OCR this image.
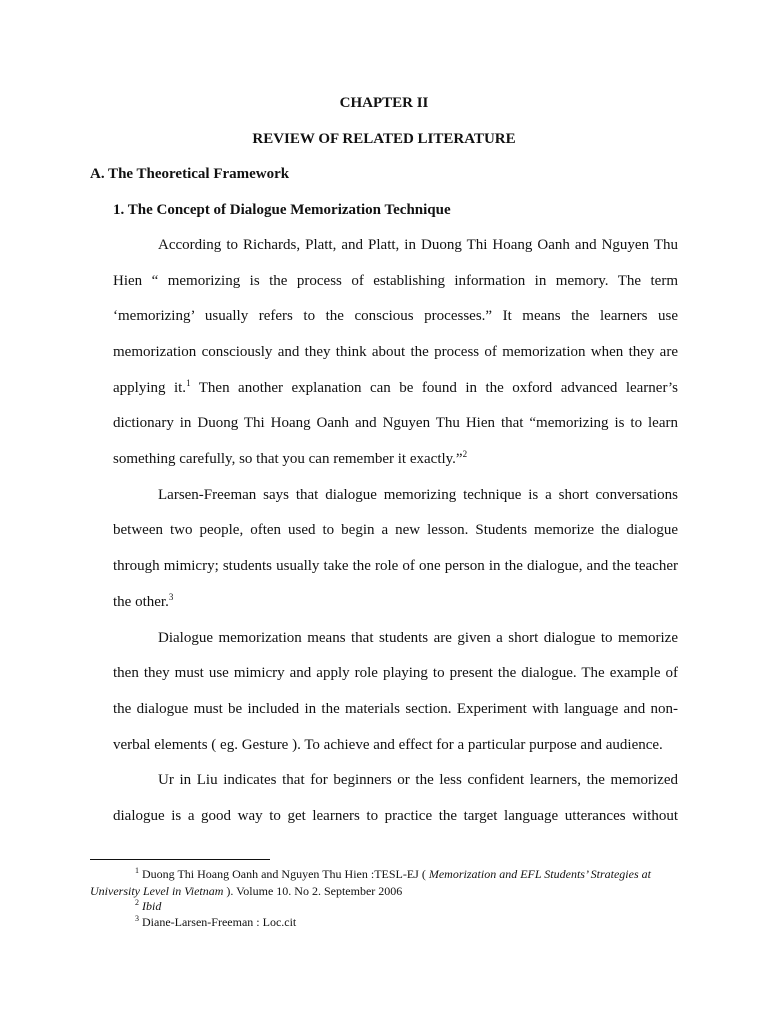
CHAPTER II
REVIEW OF RELATED LITERATURE
A. The Theoretical Framework
1. The Concept of Dialogue Memorization Technique
According to Richards, Platt, and Platt, in Duong Thi Hoang Oanh and Nguyen Thu
Hien “ memorizing is the process of establishing information in memory. The term
‘memorizing’ usually refers to the conscious processes.” It means the learners use
memorization consciously and they think about the process of memorization when they are
applying it.$^1$ Then another explanation can be found in the oxford advanced learner’s
dictionary in Duong Thi Hoang Oanh and Nguyen Thu Hien that “memorizing is to learn
something carefully, so that you can remember it exactly.”$^2$
Larsen-Freeman says that dialogue memorizing technique is a short conversations
between two people, often used to begin a new lesson. Students memorize the dialogue
through mimicry; students usually take the role of one person in the dialogue, and the teacher
the other.$^3$
Dialogue memorization means that students are given a short dialogue to memorize
then they must use mimicry and apply role playing to present the dialogue. The example of
the dialogue must be included in the materials section. Experiment with language and non-
verbal elements ( eg. Gesture ). To achieve and effect for a particular purpose and audience.
Ur in Liu indicates that for beginners or the less confident learners, the memorized
dialogue is a good way to get learners to practice the target language utterances without
$^1$ Duong Thi Hoang Oanh and Nguyen Thu Hien :TESL-EJ ( Memorization and EFL Students’ Strategies at
University Level in Vietnam ). Volume 10. No 2. September 2006
$^2$ Ibid
$^3$ Diane-Larsen-Freeman : Loc.cit
